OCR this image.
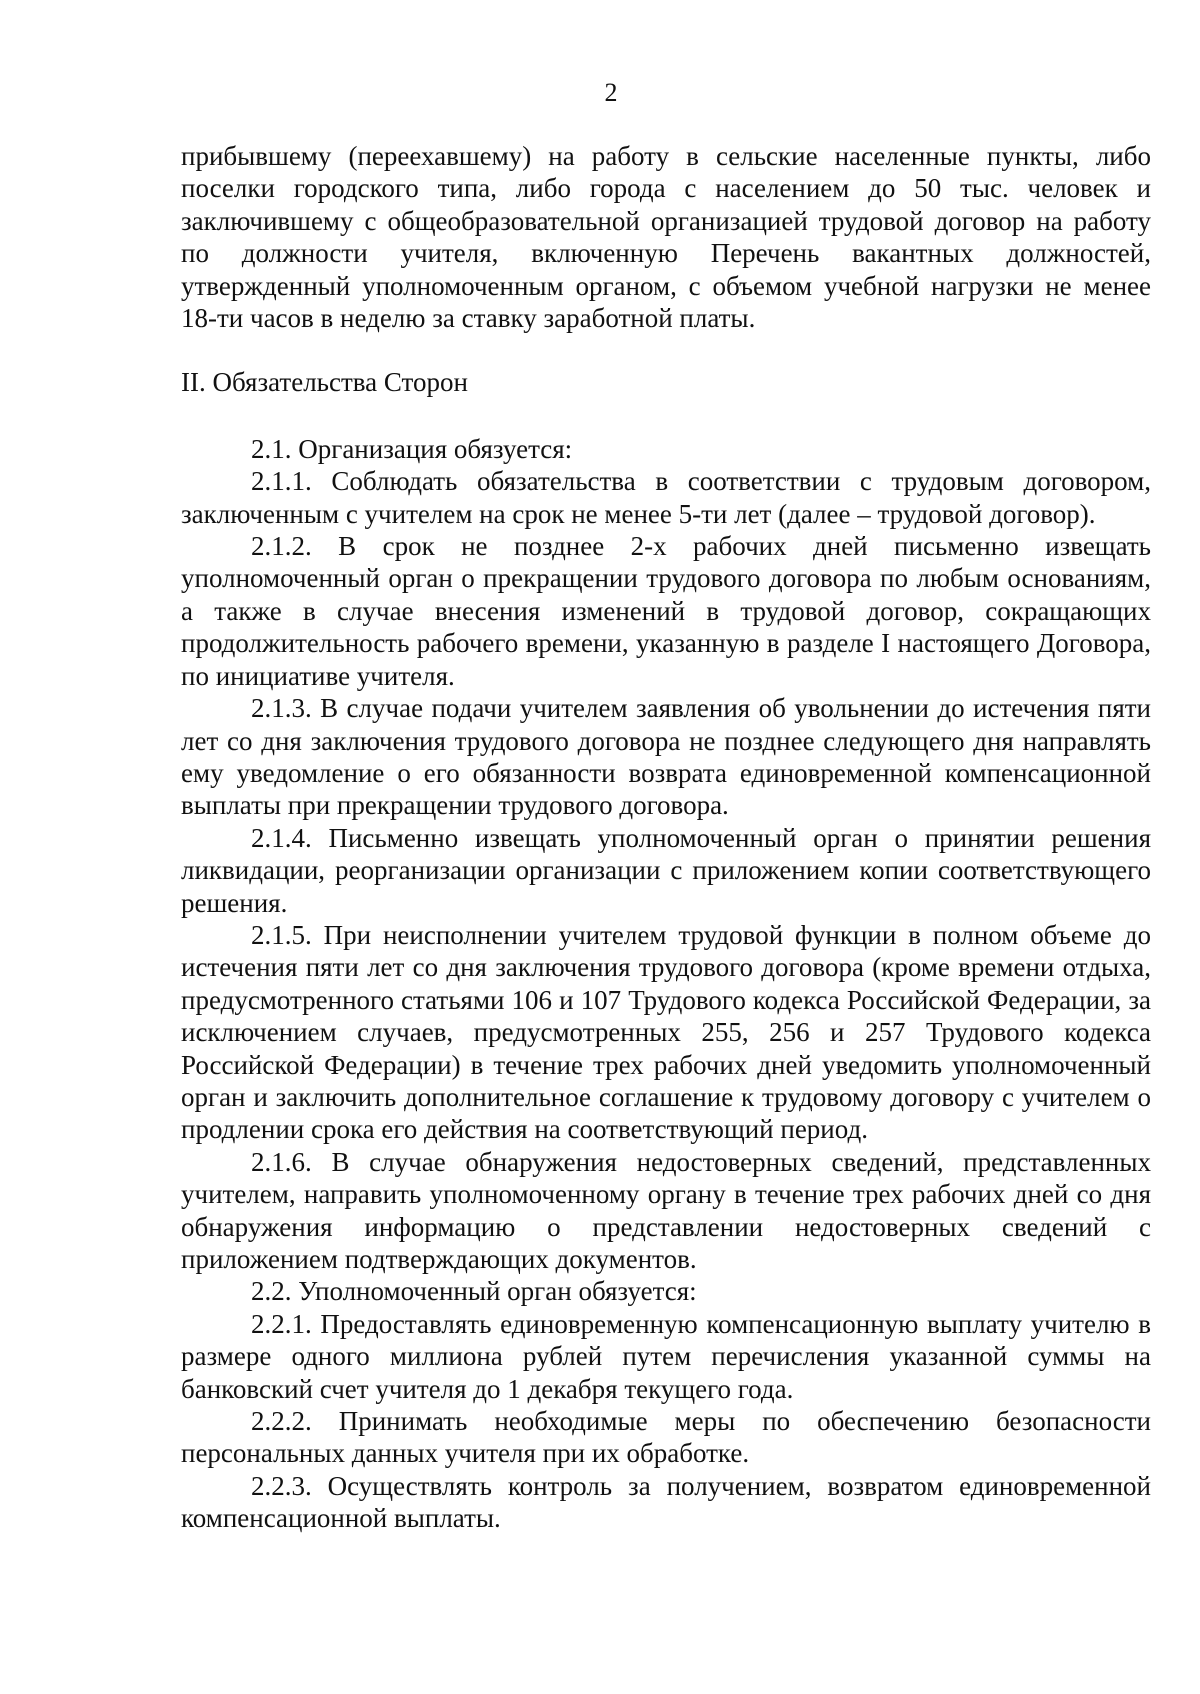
2

прибывшему (переехавшему) на работу в сельские населенные пункты, либо поселки городского типа, либо города с населением до 50 тыс. человек и заключившему с общеобразовательной организацией трудовой договор на работу по должности учителя, включенную Перечень вакантных должностей, утвержденный уполномоченным органом, с объемом учебной нагрузки не менее 18-ти часов в неделю за ставку заработной платы.

II. Обязательства Сторон

2.1. Организация обязуется:

2.1.1. Соблюдать обязательства в соответствии с трудовым договором, заключенным с учителем на срок не менее 5-ти лет (далее – трудовой договор).

2.1.2. В срок не позднее 2-х рабочих дней письменно извещать уполномоченный орган о прекращении трудового договора по любым основаниям, а также в случае внесения изменений в трудовой договор, сокращающих продолжительность рабочего времени, указанную в разделе I настоящего Договора, по инициативе учителя.

2.1.3. В случае подачи учителем заявления об увольнении до истечения пяти лет со дня заключения трудового договора не позднее следующего дня направлять ему уведомление о его обязанности возврата единовременной компенсационной выплаты при прекращении трудового договора.

2.1.4. Письменно извещать уполномоченный орган о принятии решения ликвидации, реорганизации организации с приложением копии соответствующего решения.

2.1.5. При неисполнении учителем трудовой функции в полном объеме до истечения пяти лет со дня заключения трудового договора (кроме времени отдыха, предусмотренного статьями 106 и 107 Трудового кодекса Российской Федерации, за исключением случаев, предусмотренных 255, 256 и 257 Трудового кодекса Российской Федерации) в течение трех рабочих дней уведомить уполномоченный орган и заключить дополнительное соглашение к трудовому договору с учителем о продлении срока его действия на соответствующий период.

2.1.6. В случае обнаружения недостоверных сведений, представленных учителем, направить уполномоченному органу в течение трех рабочих дней со дня обнаружения информацию о представлении недостоверных сведений с приложением подтверждающих документов.

2.2. Уполномоченный орган обязуется:

2.2.1. Предоставлять единовременную компенсационную выплату учителю в размере одного миллиона рублей путем перечисления указанной суммы на банковский счет учителя до 1 декабря текущего года.

2.2.2. Принимать необходимые меры по обеспечению безопасности персональных данных учителя при их обработке.

2.2.3. Осуществлять контроль за получением, возвратом единовременной компенсационной выплаты.
